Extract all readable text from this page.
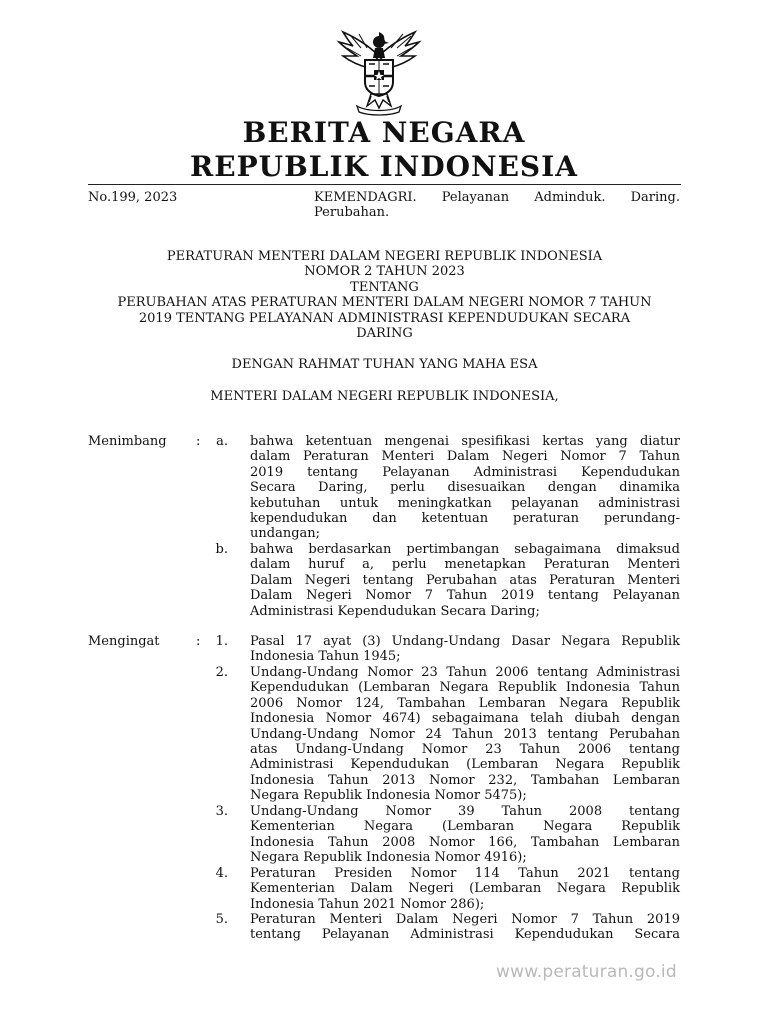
BERITA NEGARA
REPUBLIK INDONESIA
No.199, 2023	KEMENDAGRI. Pelayanan Adminduk. Daring.
Perubahan.
PERATURAN MENTERI DALAM NEGERI REPUBLIK INDONESIA
NOMOR 2 TAHUN 2023
TENTANG
PERUBAHAN ATAS PERATURAN MENTERI DALAM NEGERI NOMOR 7 TAHUN
2019 TENTANG PELAYANAN ADMINISTRASI KEPENDUDUKAN SECARA
DARING
DENGAN RAHMAT TUHAN YANG MAHA ESA
MENTERI DALAM NEGERI REPUBLIK INDONESIA,
Menimbang :	a. bahwa ketentuan mengenai spesifikasi kertas yang diatur
dalam Peraturan Menteri Dalam Negeri Nomor 7 Tahun
2019 tentang Pelayanan Administrasi Kependudukan
Secara Daring, perlu disesuaikan dengan dinamika
kebutuhan untuk meningkatkan pelayanan administrasi
kependudukan dan ketentuan peraturan perundang-
undangan;
b. bahwa berdasarkan pertimbangan sebagaimana dimaksud
dalam huruf a, perlu menetapkan Peraturan Menteri
Dalam Negeri tentang Perubahan atas Peraturan Menteri
Dalam Negeri Nomor 7 Tahun 2019 tentang Pelayanan
Administrasi Kependudukan Secara Daring;
Mengingat	:	1. Pasal 17 ayat (3) Undang-Undang Dasar Negara Republik
Indonesia Tahun 1945;
2. Undang-Undang Nomor 23 Tahun 2006 tentang Administrasi
Kependudukan (Lembaran Negara Republik Indonesia Tahun
2006 Nomor 124, Tambahan Lembaran Negara Republik
Indonesia Nomor 4674) sebagaimana telah diubah dengan
Undang-Undang Nomor 24 Tahun 2013 tentang Perubahan
atas Undang-Undang Nomor 23 Tahun 2006 tentang
Administrasi Kependudukan (Lembaran Negara Republik
Indonesia Tahun 2013 Nomor 232, Tambahan Lembaran
Negara Republik Indonesia Nomor 5475);
3. Undang-Undang Nomor 39 Tahun 2008 tentang
Kementerian Negara (Lembaran Negara Republik
Indonesia Tahun 2008 Nomor 166, Tambahan Lembaran
Negara Republik Indonesia Nomor 4916);
4. Peraturan Presiden Nomor 114 Tahun 2021 tentang
Kementerian Dalam Negeri (Lembaran Negara Republik
Indonesia Tahun 2021 Nomor 286);
5. Peraturan Menteri Dalam Negeri Nomor 7 Tahun 2019
tentang Pelayanan Administrasi Kependudukan Secara
www.peraturan.go.id
